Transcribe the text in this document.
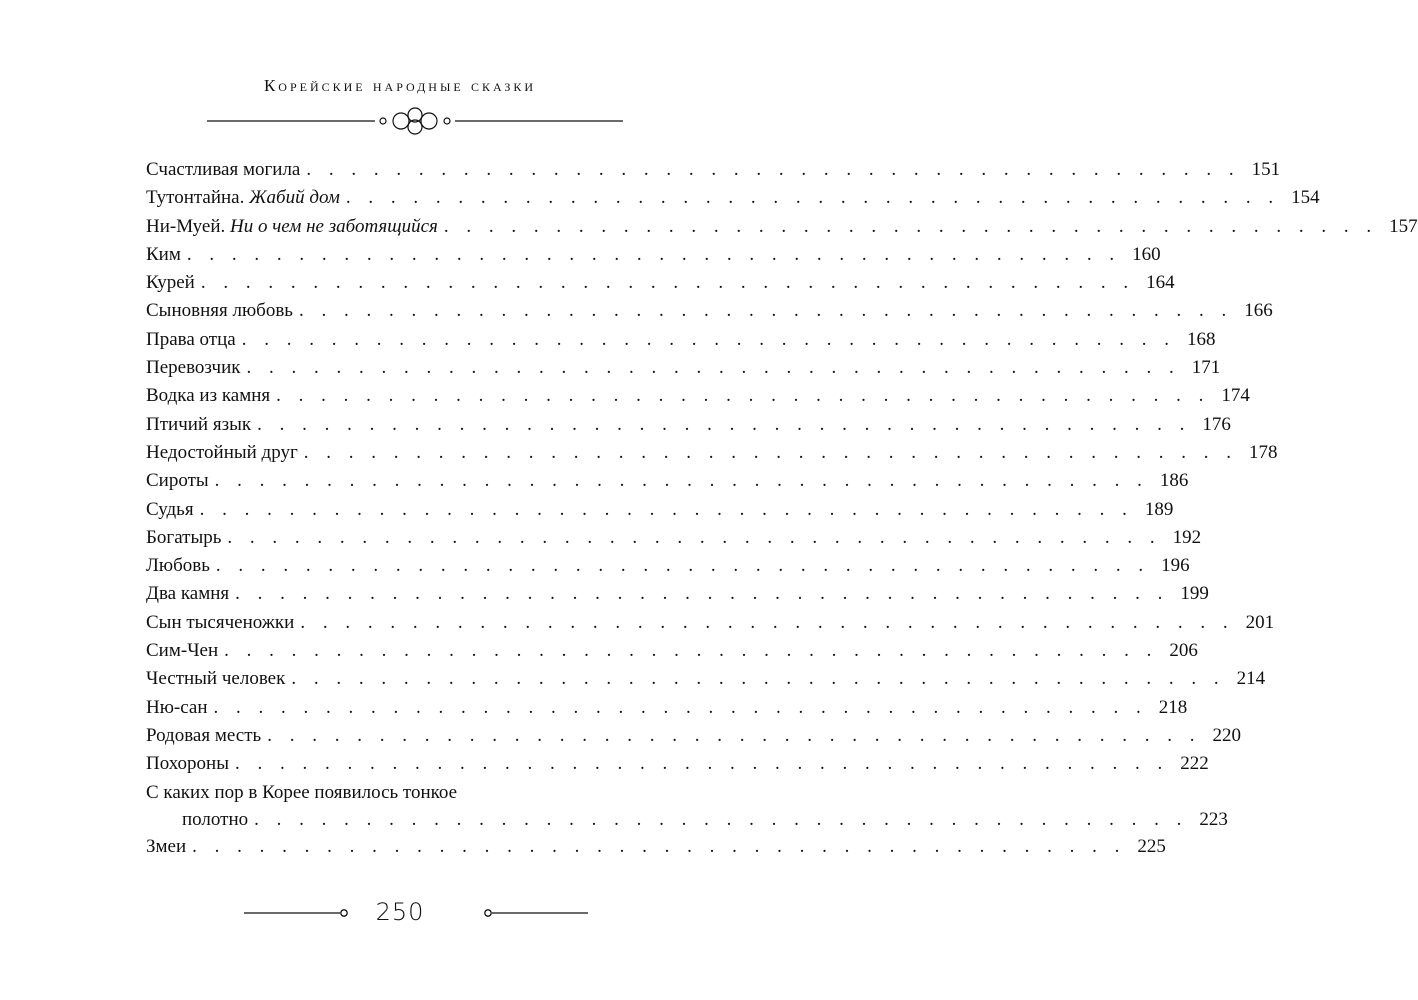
Корейские народные сказки
Счастливая могила . . . . . . . . . . . . . . . . . . . . . . . . . . . . . . . . . . . . . . . . . . 151
Тутонтайна. Жабий дом . . . . . . . . . . . . . . . . . . . . . . . . . . . . . . . . . . . . . . . . . . 154
Ни-Муей. Ни о чем не заботящийся . . . . . . . . . . . . . . . . . . . . . . . . . . . . . . . . . . . . . . . . . . 157
Ким . . . . . . . . . . . . . . . . . . . . . . . . . . . . . . . . . . . . . . . . . . 160
Курей . . . . . . . . . . . . . . . . . . . . . . . . . . . . . . . . . . . . . . . . . . 164
Сыновняя любовь . . . . . . . . . . . . . . . . . . . . . . . . . . . . . . . . . . . . . . . . . . 166
Права отца . . . . . . . . . . . . . . . . . . . . . . . . . . . . . . . . . . . . . . . . . . 168
Перевозчик . . . . . . . . . . . . . . . . . . . . . . . . . . . . . . . . . . . . . . . . . . 171
Водка из камня . . . . . . . . . . . . . . . . . . . . . . . . . . . . . . . . . . . . . . . . . . 174
Птичий язык . . . . . . . . . . . . . . . . . . . . . . . . . . . . . . . . . . . . . . . . . . 176
Недостойный друг . . . . . . . . . . . . . . . . . . . . . . . . . . . . . . . . . . . . . . . . . . 178
Сироты . . . . . . . . . . . . . . . . . . . . . . . . . . . . . . . . . . . . . . . . . . 186
Судья . . . . . . . . . . . . . . . . . . . . . . . . . . . . . . . . . . . . . . . . . . 189
Богатырь . . . . . . . . . . . . . . . . . . . . . . . . . . . . . . . . . . . . . . . . . . 192
Любовь . . . . . . . . . . . . . . . . . . . . . . . . . . . . . . . . . . . . . . . . . . 196
Два камня . . . . . . . . . . . . . . . . . . . . . . . . . . . . . . . . . . . . . . . . . . 199
Сын тысяченожки . . . . . . . . . . . . . . . . . . . . . . . . . . . . . . . . . . . . . . . . . . 201
Сим-Чен . . . . . . . . . . . . . . . . . . . . . . . . . . . . . . . . . . . . . . . . . . 206
Честный человек . . . . . . . . . . . . . . . . . . . . . . . . . . . . . . . . . . . . . . . . . . 214
Ню-сан . . . . . . . . . . . . . . . . . . . . . . . . . . . . . . . . . . . . . . . . . . 218
Родовая месть . . . . . . . . . . . . . . . . . . . . . . . . . . . . . . . . . . . . . . . . . . 220
Похороны . . . . . . . . . . . . . . . . . . . . . . . . . . . . . . . . . . . . . . . . . . 222
С каких пор в Корее появилось тонкое
полотно . . . . . . . . . . . . . . . . . . . . . . . . . . . . . . . . . . . . . . . . . . 223
Змеи . . . . . . . . . . . . . . . . . . . . . . . . . . . . . . . . . . . . . . . . . . 225
250
